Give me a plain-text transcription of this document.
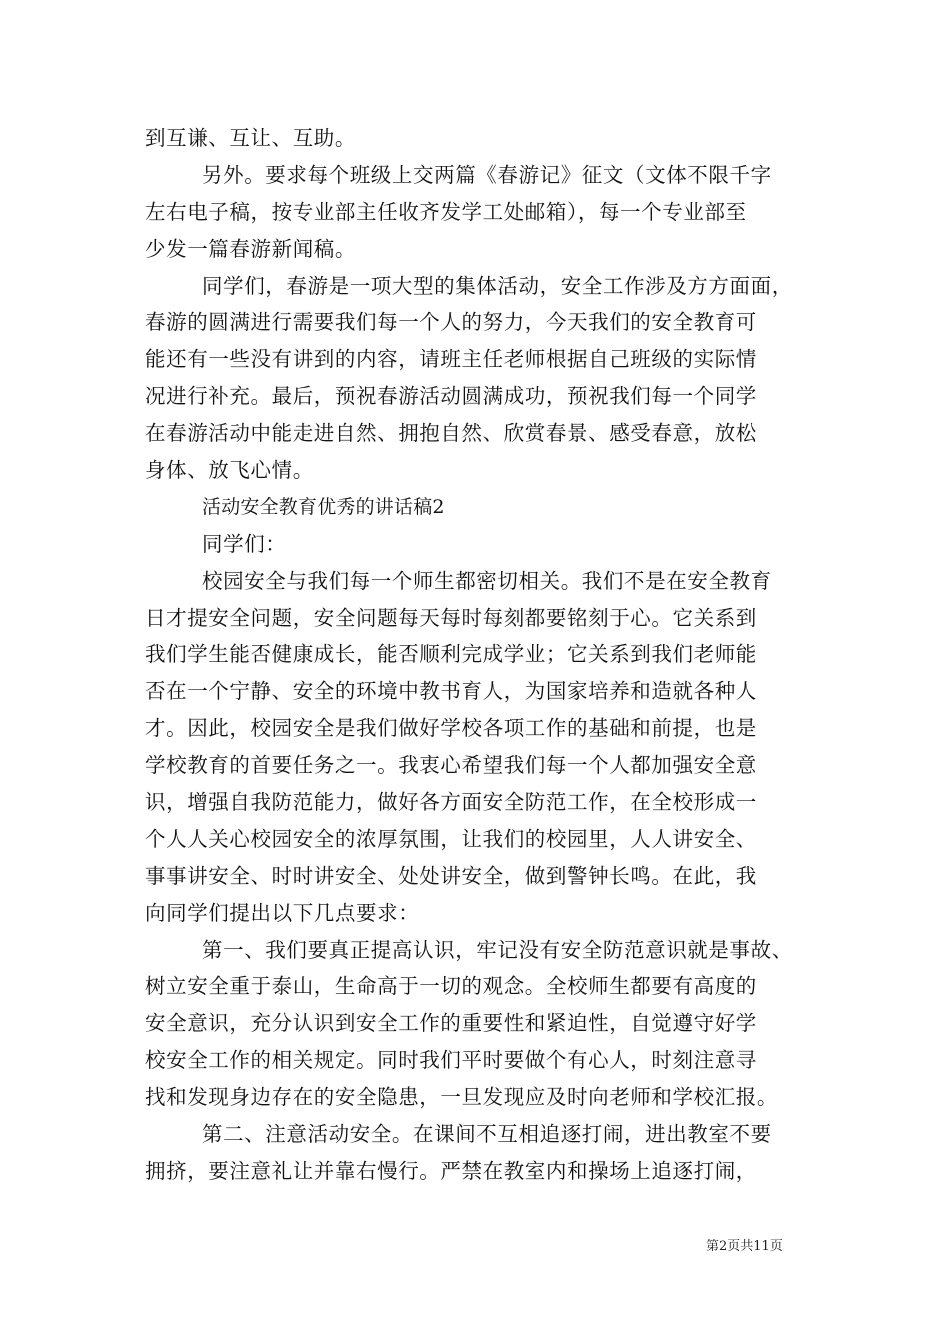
到互谦、互让、互助。
另外。要求每个班级上交两篇《春游记》征文（文体不限千字
左右电子稿，按专业部主任收齐发学工处邮箱），每一个专业部至
少发一篇春游新闻稿。
同学们，春游是一项大型的集体活动，安全工作涉及方方面面，
春游的圆满进行需要我们每一个人的努力，今天我们的安全教育可
能还有一些没有讲到的内容，请班主任老师根据自己班级的实际情
况进行补充。最后，预祝春游活动圆满成功，预祝我们每一个同学
在春游活动中能走进自然、拥抱自然、欣赏春景、感受春意，放松
身体、放飞心情。
活动安全教育优秀的讲话稿2
同学们：
校园安全与我们每一个师生都密切相关。我们不是在安全教育
日才提安全问题，安全问题每天每时每刻都要铭刻于心。它关系到
我们学生能否健康成长，能否顺利完成学业；它关系到我们老师能
否在一个宁静、安全的环境中教书育人，为国家培养和造就各种人
才。因此，校园安全是我们做好学校各项工作的基础和前提，也是
学校教育的首要任务之一。我衷心希望我们每一个人都加强安全意
识，增强自我防范能力，做好各方面安全防范工作，在全校形成一
个人人关心校园安全的浓厚氛围，让我们的校园里，人人讲安全、
事事讲安全、时时讲安全、处处讲安全，做到警钟长鸣。在此，我
向同学们提出以下几点要求：
第一、我们要真正提高认识，牢记没有安全防范意识就是事故、
树立安全重于泰山，生命高于一切的观念。全校师生都要有高度的
安全意识，充分认识到安全工作的重要性和紧迫性，自觉遵守好学
校安全工作的相关规定。同时我们平时要做个有心人，时刻注意寻
找和发现身边存在的安全隐患，一旦发现应及时向老师和学校汇报。
第二、注意活动安全。在课间不互相追逐打闹，进出教室不要
拥挤，要注意礼让并靠右慢行。严禁在教室内和操场上追逐打闹，
第2页共11页
